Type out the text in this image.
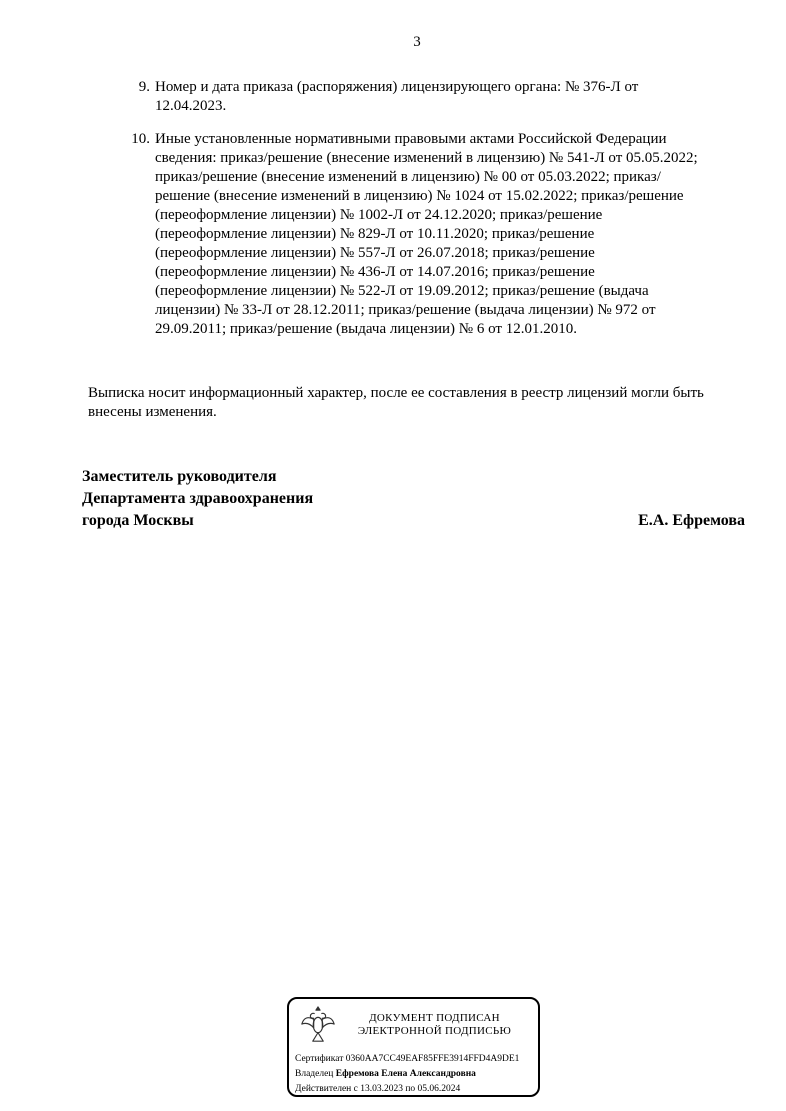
3
9. Номер и дата приказа (распоряжения) лицензирующего органа: № 376-Л от 12.04.2023.
10. Иные установленные нормативными правовыми актами Российской Федерации сведения: приказ/решение (внесение изменений в лицензию) № 541-Л от 05.05.2022; приказ/решение (внесение изменений в лицензию) № 00 от 05.03.2022; приказ/решение (внесение изменений в лицензию) № 1024 от 15.02.2022; приказ/решение (переоформление лицензии) № 1002-Л от 24.12.2020; приказ/решение (переоформление лицензии) № 829-Л от 10.11.2020; приказ/решение (переоформление лицензии) № 557-Л от 26.07.2018; приказ/решение (переоформление лицензии) № 436-Л от 14.07.2016; приказ/решение (переоформление лицензии) № 522-Л от 19.09.2012; приказ/решение (выдача лицензии) № 33-Л от 28.12.2011; приказ/решение (выдача лицензии) № 972 от 29.09.2011; приказ/решение (выдача лицензии) № 6 от 12.01.2010.
Выписка носит информационный характер, после ее составления в реестр лицензий могли быть внесены изменения.
Заместитель руководителя
Департамента здравоохранения
города Москвы	Е.А. Ефремова
ДОКУМЕНТ ПОДПИСАН
ЭЛЕКТРОННОЙ ПОДПИСЬЮ
Сертификат 0360AA7CC49EAF85FFE3914FFD4A9DE1
Владелец Ефремова Елена Александровна
Действителен с 13.03.2023 по 05.06.2024
